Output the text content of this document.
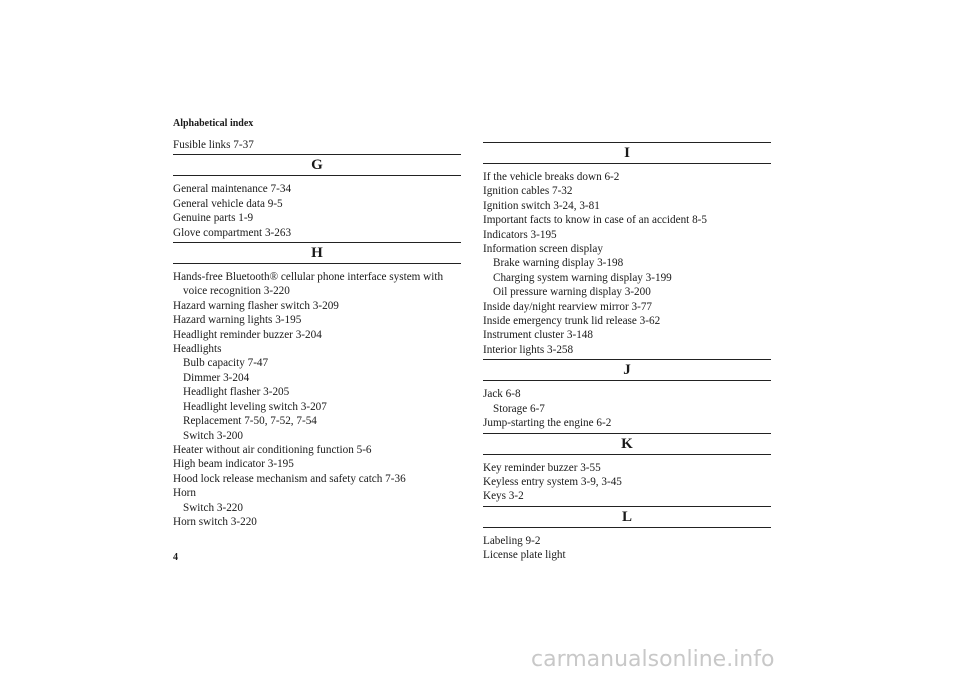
Alphabetical index

Fusible links 7-37

G

General maintenance 7-34

General vehicle data 9-5

Genuine parts 1-9

Glove compartment 3-263

H

Hands-free Bluetooth® cellular phone interface system with
voice recognition 3-220

Hazard warning flasher switch 3-209

Hazard warning lights 3-195

Headlight reminder buzzer 3-204

Headlights

Bulb capacity 7-47

Dimmer 3-204

Headlight flasher 3-205

Headlight leveling switch 3-207

Replacement 7-50, 7-52, 7-54

Switch 3-200

Heater without air conditioning function 5-6

High beam indicator 3-195

Hood lock release mechanism and safety catch 7-36

Horn

Switch 3-220

Horn switch 3-220

I

If the vehicle breaks down 6-2

Ignition cables 7-32

Ignition switch 3-24, 3-81

Important facts to know in case of an accident 8-5

Indicators 3-195

Information screen display

Brake warning display 3-198

Charging system warning display 3-199

Oil pressure warning display 3-200

Inside day/night rearview mirror 3-77

Inside emergency trunk lid release 3-62

Instrument cluster 3-148

Interior lights 3-258

J

Jack 6-8

Storage 6-7

Jump-starting the engine 6-2

K

Key reminder buzzer 3-55

Keyless entry system 3-9, 3-45

Keys 3-2

L

Labeling 9-2

License plate light

4
carmanualsonline.info
